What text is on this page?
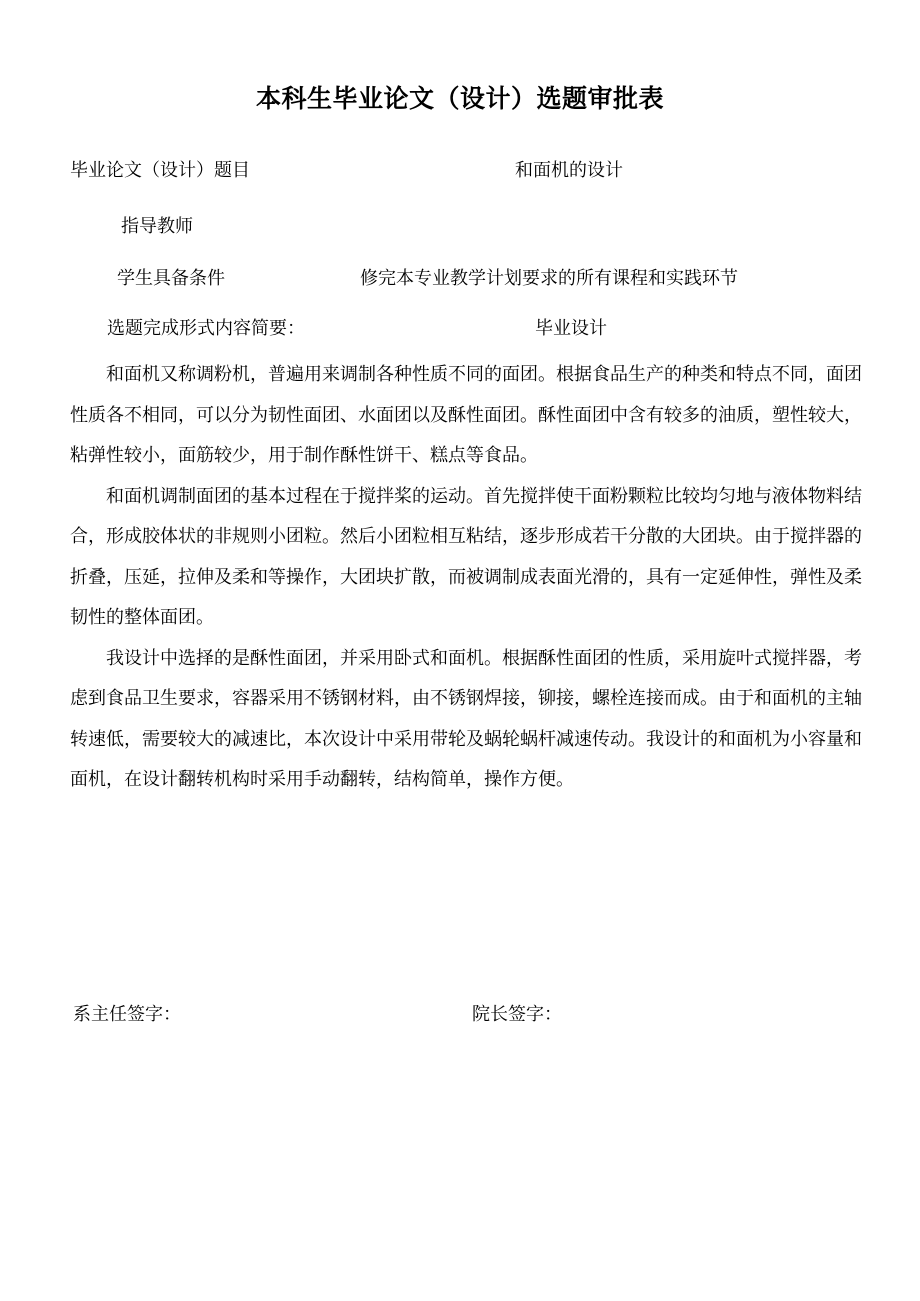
本科生毕业论文（设计）选题审批表
毕业论文（设计）题目	和面机的设计
指导教师
学生具备条件	修完本专业教学计划要求的所有课程和实践环节
选题完成形式内容简要：	毕业设计

和面机又称调粉机，普遍用来调制各种性质不同的面团。根据食品生产的种类和特点不同，面团性质各不相同，可以分为韧性面团、水面团以及酥性面团。酥性面团中含有较多的油质，塑性较大，粘弹性较小，面筋较少，用于制作酥性饼干、糕点等食品。

和面机调制面团的基本过程在于搅拌桨的运动。首先搅拌使干面粉颗粒比较均匀地与液体物料结合，形成胶体状的非规则小团粒。然后小团粒相互粘结，逐步形成若干分散的大团块。由于搅拌器的折叠，压延，拉伸及柔和等操作，大团块扩散，而被调制成表面光滑的，具有一定延伸性，弹性及柔韧性的整体面团。

我设计中选择的是酥性面团，并采用卧式和面机。根据酥性面团的性质，采用旋叶式搅拌器，考虑到食品卫生要求，容器采用不锈钢材料，由不锈钢焊接，铆接，螺栓连接而成。由于和面机的主轴转速低，需要较大的减速比，本次设计中采用带轮及蜗轮蜗杆减速传动。我设计的和面机为小容量和面机，在设计翻转机构时采用手动翻转，结构简单，操作方便。

系主任签字：	院长签字：
